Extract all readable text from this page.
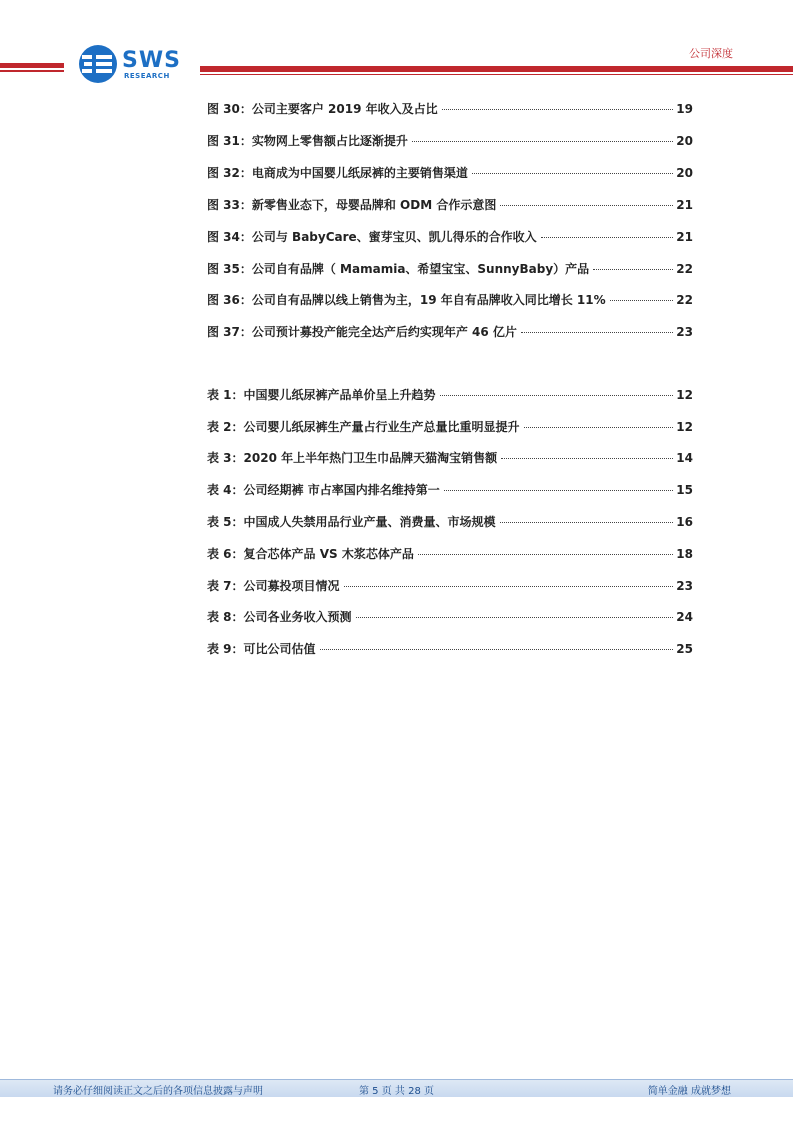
SWS
RESEARCH
公司深度
图 30：公司主要客户 2019 年收入及占比	19
图 31：实物网上零售额占比逐渐提升	20
图 32：电商成为中国婴儿纸尿裤的主要销售渠道	20
图 33：新零售业态下，母婴品牌和 ODM 合作示意图	21
图 34：公司与 BabyCare、蜜芽宝贝、凯儿得乐的合作收入	21
图 35：公司自有品牌（ Mamamia、希望宝宝、SunnyBaby）产品	22
图 36：公司自有品牌以线上销售为主，19 年自有品牌收入同比增长 11%	22
图 37：公司预计募投产能完全达产后约实现年产 46 亿片	23
表 1：中国婴儿纸尿裤产品单价呈上升趋势	12
表 2：公司婴儿纸尿裤生产量占行业生产总量比重明显提升	12
表 3：2020 年上半年热门卫生巾品牌天猫淘宝销售额	14
表 4：公司经期裤 市占率国内排名维持第一	15
表 5：中国成人失禁用品行业产量、消费量、市场规模	16
表 6：复合芯体产品 VS 木浆芯体产品	18
表 7：公司募投项目情况	23
表 8：公司各业务收入预测	24
表 9：可比公司估值	25
请务必仔细阅读正文之后的各项信息披露与声明	第 5 页 共 28 页	简单金融 成就梦想
